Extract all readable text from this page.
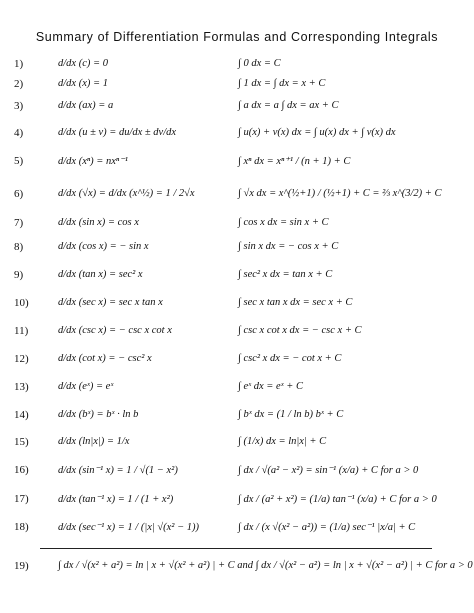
Summary of Differentiation Formulas and Corresponding Integrals
1)	d/dx (c) = 0	∫ 0 dx = C
2)	d/dx (x) = 1	∫ 1 dx = ∫ dx = x + C
3)	d/dx (ax) = a	∫ a dx = a ∫ dx = ax + C
4)	d/dx (u ± v) = du/dx ± dv/dx	∫ u(x) + v(x) dx = ∫ u(x) dx + ∫ v(x) dx
5)	d/dx (xⁿ) = nxⁿ⁻¹	∫ xⁿ dx = xⁿ⁺¹ / (n + 1) + C
6)	d/dx (√x) = d/dx (x^½) = 1 / 2√x	∫ √x dx = x^(½+1) / (½+1) + C = ⅔ x^(3/2) + C
7)	d/dx (sin x) = cos x	∫ cos x dx = sin x + C
8)	d/dx (cos x) = − sin x	∫ sin x dx = − cos x + C
9)	d/dx (tan x) = sec² x	∫ sec² x dx = tan x + C
10)	d/dx (sec x) = sec x tan x	∫ sec x tan x dx = sec x + C
11)	d/dx (csc x) = − csc x cot x	∫ csc x cot x dx = − csc x + C
12)	d/dx (cot x) = − csc² x	∫ csc² x dx = − cot x + C
13)	d/dx (eˣ) = eˣ	∫ eˣ dx = eˣ + C
14)	d/dx (bˣ) = bˣ · ln b	∫ bˣ dx = (1 / ln b) bˣ + C
15)	d/dx (ln|x|) = 1/x	∫ (1/x) dx = ln|x| + C
16)	d/dx (sin⁻¹ x) = 1 / √(1 − x²)	∫ dx / √(a² − x²) = sin⁻¹ (x/a) + C for a > 0
17)	d/dx (tan⁻¹ x) = 1 / (1 + x²)	∫ dx / (a² + x²) = (1/a) tan⁻¹ (x/a) + C for a > 0
18)	d/dx (sec⁻¹ x) = 1 / (|x| √(x² − 1))	∫ dx / (x √(x² − a²)) = (1/a) sec⁻¹ |x/a| + C
19)	∫ dx / √(x² + a²) = ln | x + √(x² + a²) | + C and ∫ dx / √(x² − a²) = ln | x + √(x² − a²) | + C for a > 0
